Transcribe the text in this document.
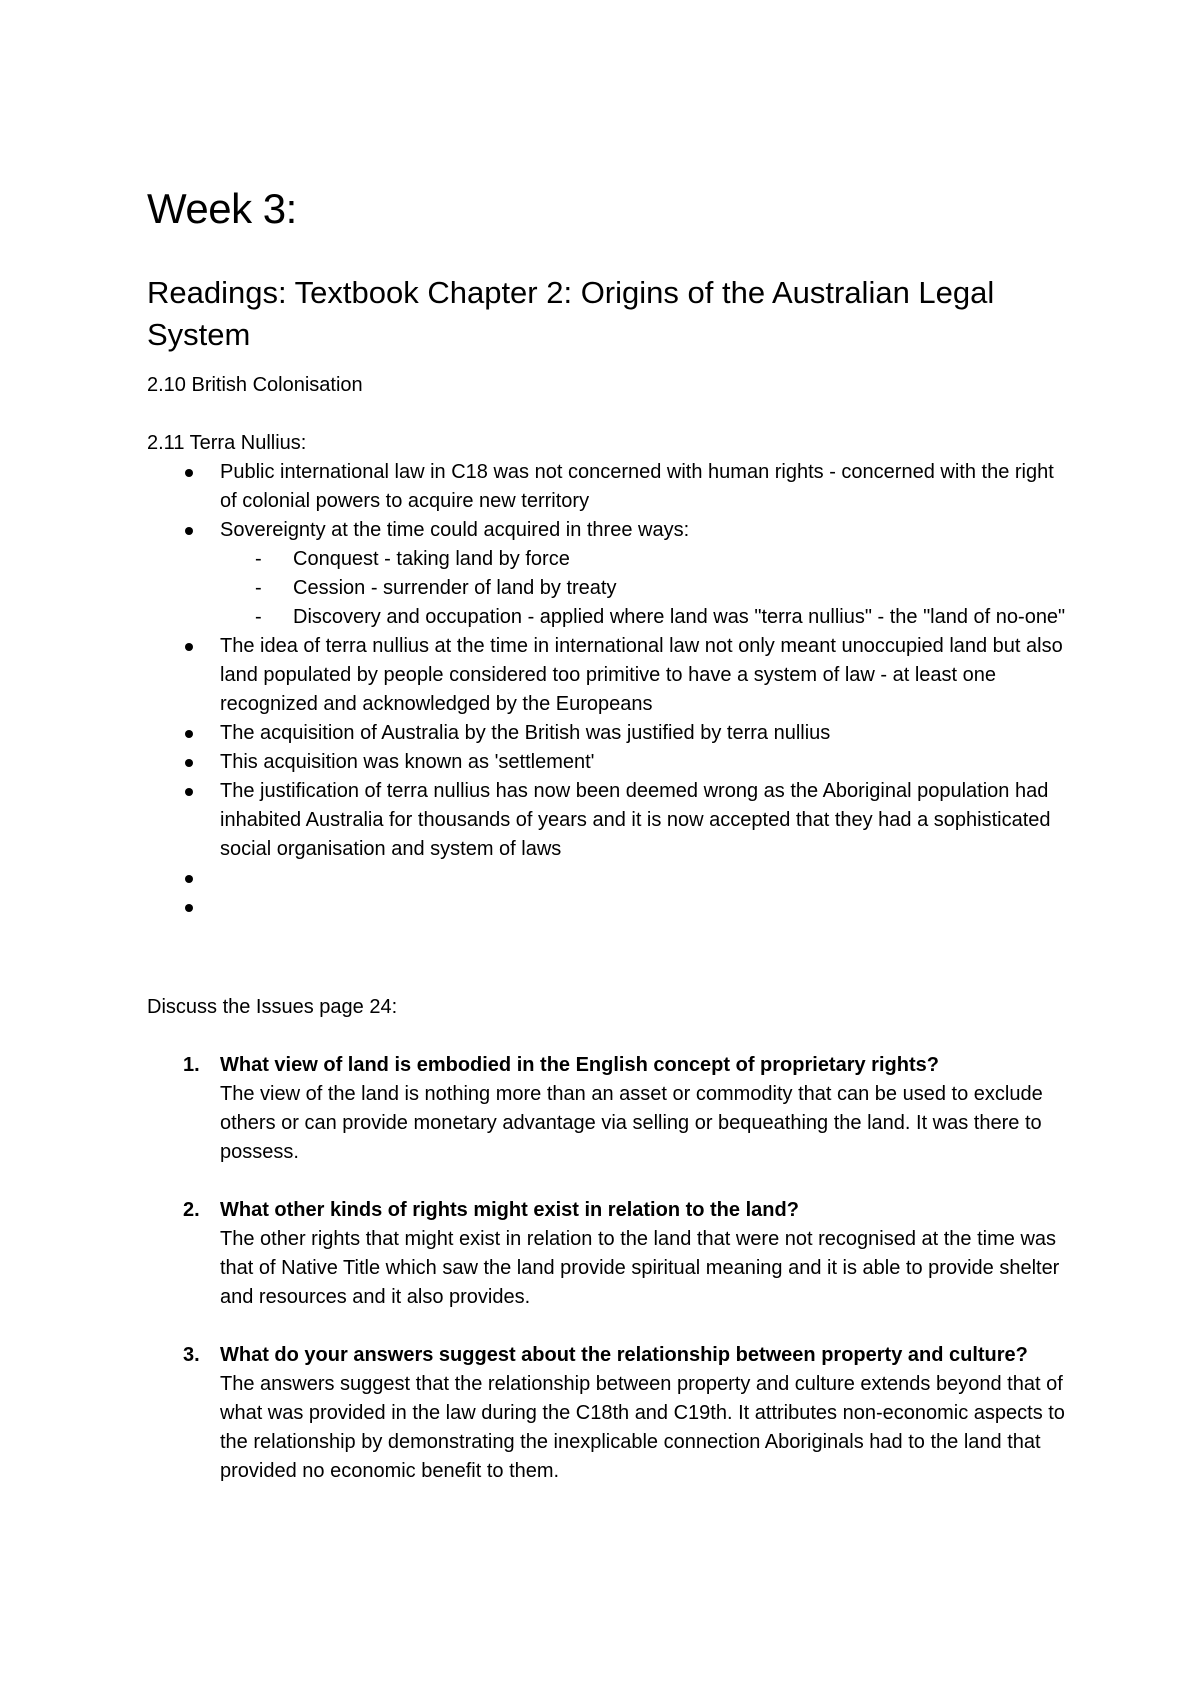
Week 3:
Readings: Textbook Chapter 2: Origins of the Australian Legal System
2.10 British Colonisation
2.11 Terra Nullius:
Public international law in C18 was not concerned with human rights - concerned with the right of colonial powers to acquire new territory
Sovereignty at the time could acquired in three ways:
- Conquest - taking land by force
- Cession - surrender of land by treaty
- Discovery and occupation - applied where land was "terra nullius" - the "land of no-one"
The idea of terra nullius at the time in international law not only meant unoccupied land but also land populated by people considered too primitive to have a system of law - at least one recognized and acknowledged by the Europeans
The acquisition of Australia by the British was justified by terra nullius
This acquisition was known as 'settlement'
The justification of terra nullius has now been deemed wrong as the Aboriginal population had inhabited Australia for thousands of years and it is now accepted that they had a sophisticated social organisation and system of laws
Discuss the Issues page 24:
1. What view of land is embodied in the English concept of proprietary rights?
The view of the land is nothing more than an asset or commodity that can be used to exclude others or can provide monetary advantage via selling or bequeathing the land. It was there to possess.
2. What other kinds of rights might exist in relation to the land?
The other rights that might exist in relation to the land that were not recognised at the time was that of Native Title which saw the land provide spiritual meaning and it is able to provide shelter and resources and it also provides.
3. What do your answers suggest about the relationship between property and culture?
The answers suggest that the relationship between property and culture extends beyond that of what was provided in the law during the C18th and C19th. It attributes non-economic aspects to the relationship by demonstrating the inexplicable connection Aboriginals had to the land that provided no economic benefit to them.
